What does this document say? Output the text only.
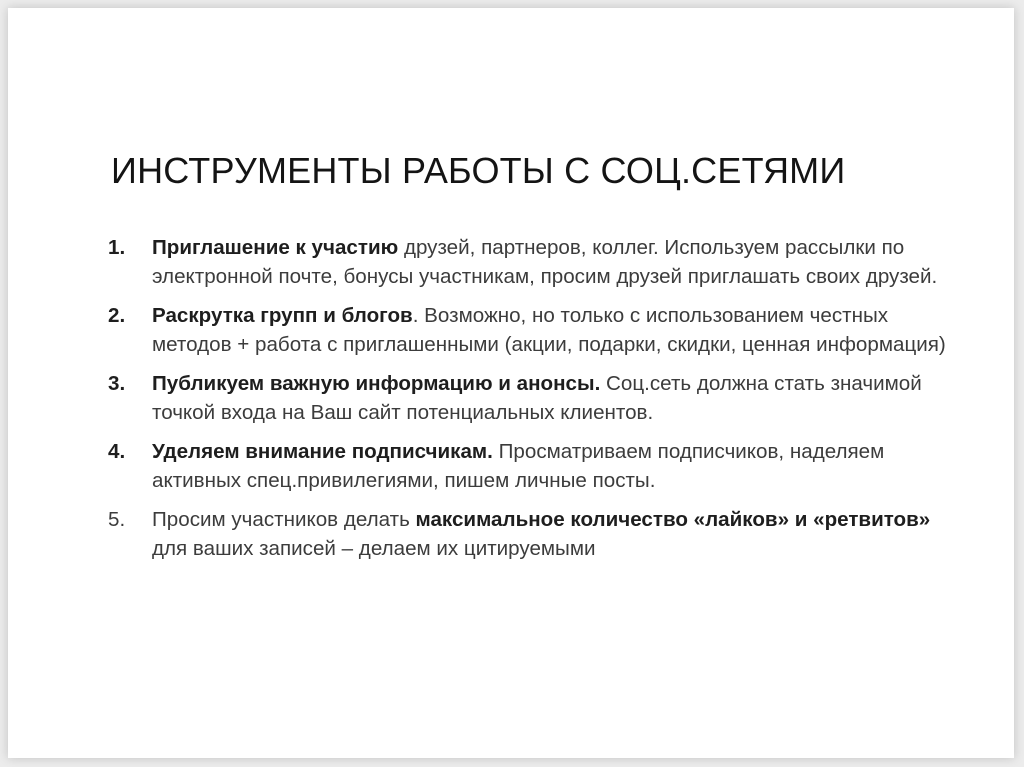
ИНСТРУМЕНТЫ РАБОТЫ С СОЦ.СЕТЯМИ
1. Приглашение к участию друзей, партнеров, коллег. Используем рассылки по электронной почте, бонусы участникам, просим друзей приглашать своих друзей.
2. Раскрутка групп и блогов. Возможно, но только с использованием честных методов + работа с приглашенными (акции, подарки, скидки, ценная информация)
3. Публикуем важную информацию и анонсы. Соц.сеть должна стать значимой точкой входа на Ваш сайт потенциальных клиентов.
4. Уделяем внимание подписчикам. Просматриваем подписчиков, наделяем активных спец.привилегиями, пишем личные посты.
5. Просим участников делать максимальное количество «лайков» и «ретвитов» для ваших записей – делаем их цитируемыми
